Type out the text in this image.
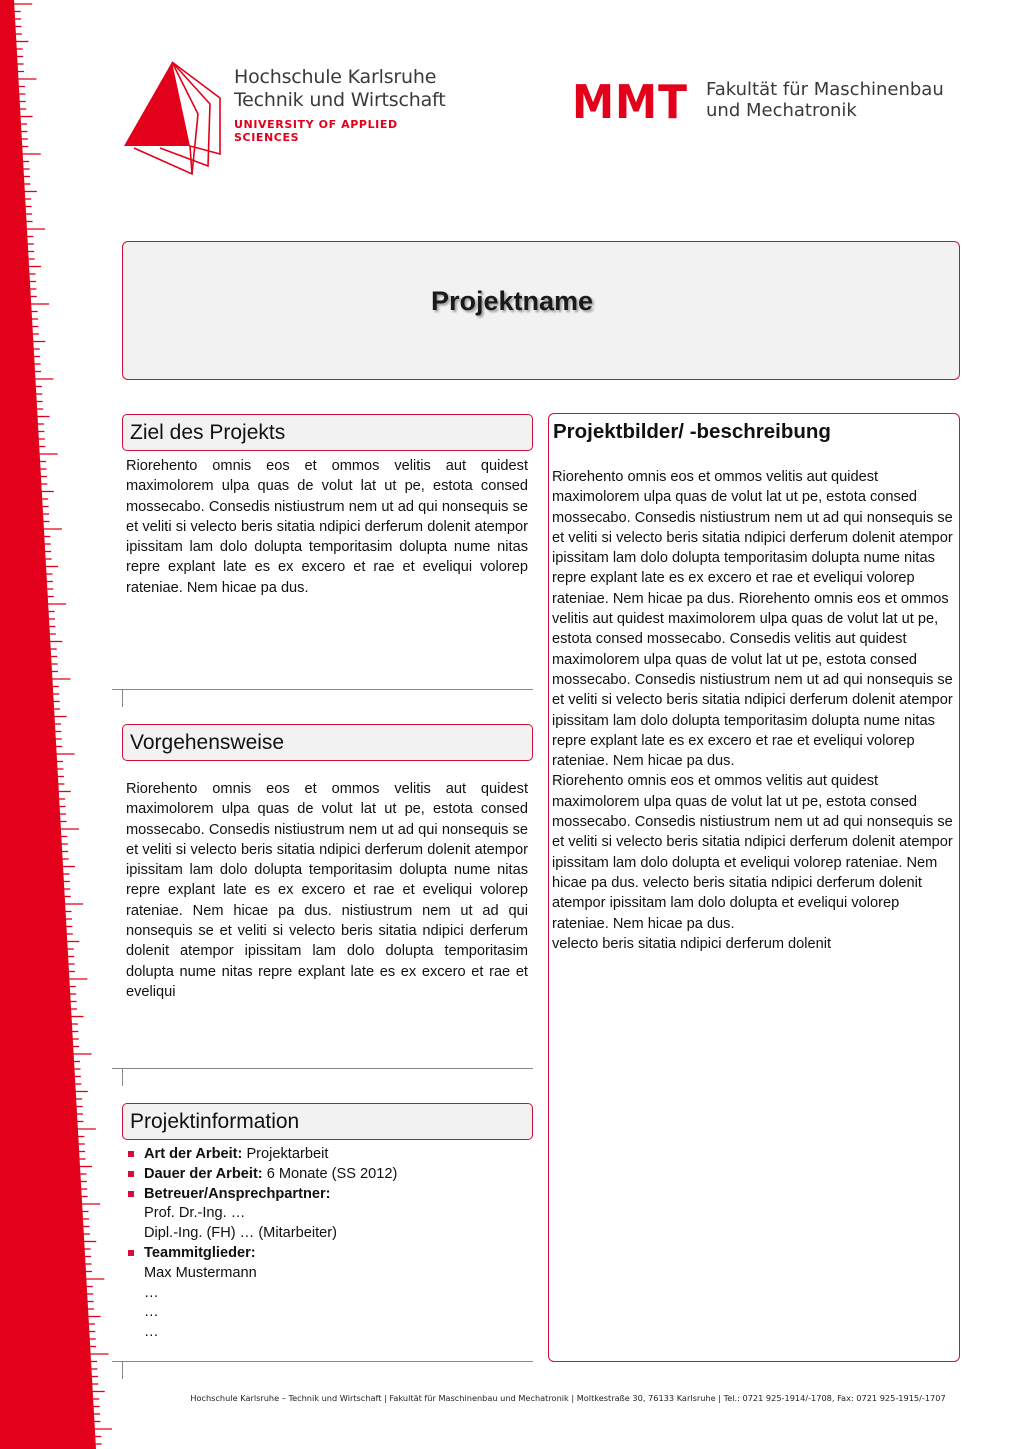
Hochschule Karlsruhe
Technik und Wirtschaft
UNIVERSITY OF APPLIED SCIENCES
MMT Fakultät für Maschinenbau
und Mechatronik
Projektname
Ziel des Projekts
Riorehento omnis eos et ommos velitis aut quidest maximolorem ulpa quas de volut lat ut pe, estota consed mossecabo. Consedis nistiustrum nem ut ad qui nonsequis se et veliti si velecto beris sitatia ndipici derferum dolenit atempor ipissitam lam dolo dolupta temporitasim dolupta nume nitas repre explant late es ex excero et rae et eveliqui volorep rateniae. Nem hicae pa dus.
Vorgehensweise
Riorehento omnis eos et ommos velitis aut quidest maximolorem ulpa quas de volut lat ut pe, estota consed mossecabo. Consedis nistiustrum nem ut ad qui nonsequis se et veliti si velecto beris sitatia ndipici derferum dolenit atempor ipissitam lam dolo dolupta temporitasim dolupta nume nitas repre explant late es ex excero et rae et eveliqui volorep rateniae. Nem hicae pa dus. nistiustrum nem ut ad qui nonsequis se et veliti si velecto beris sitatia ndipici derferum dolenit atempor ipissitam lam dolo dolupta temporitasim dolupta nume nitas repre explant late es ex excero et rae et eveliqui
Projektinformation
Art der Arbeit: Projektarbeit
Dauer der Arbeit: 6 Monate (SS 2012)
Betreuer/Ansprechpartner:
Prof. Dr.-Ing. …
Dipl.-Ing. (FH) … (Mitarbeiter)
Teammitglieder:
Max Mustermann
…
…
…
Projektbilder/ -beschreibung

Riorehento omnis eos et ommos velitis aut quidest maximolorem ulpa quas de volut lat ut pe, estota consed mossecabo. Consedis nistiustrum nem ut ad qui nonsequis se et veliti si velecto beris sitatia ndipici derferum dolenit atempor ipissitam lam dolo dolupta temporitasim dolupta nume nitas repre explant late es ex excero et rae et eveliqui volorep rateniae. Nem hicae pa dus. Riorehento omnis eos et ommos velitis aut quidest maximolorem ulpa quas de volut lat ut pe, estota consed mossecabo. Consedis velitis aut quidest maximolorem ulpa quas de volut lat ut pe, estota consed mossecabo. Consedis nistiustrum nem ut ad qui nonsequis se et veliti si velecto beris sitatia ndipici derferum dolenit atempor ipissitam lam dolo dolupta temporitasim dolupta nume nitas repre explant late es ex excero et rae et eveliqui volorep rateniae. Nem hicae pa dus.

Riorehento omnis eos et ommos velitis aut quidest maximolorem ulpa quas de volut lat ut pe, estota consed mossecabo. Consedis nistiustrum nem ut ad qui nonsequis se et veliti si velecto beris sitatia ndipici derferum dolenit atempor ipissitam lam dolo dolupta et eveliqui volorep rateniae. Nem hicae pa dus. velecto beris sitatia ndipici derferum dolenit atempor ipissitam lam dolo dolupta et eveliqui volorep rateniae. Nem hicae pa dus.

velecto beris sitatia ndipici derferum dolenit

Hochschule Karlsruhe – Technik und Wirtschaft | Fakultät für Maschinenbau und Mechatronik | Moltkestraße 30, 76133 Karlsruhe | Tel.: 0721 925-1914/-1708, Fax: 0721 925-1915/-1707
